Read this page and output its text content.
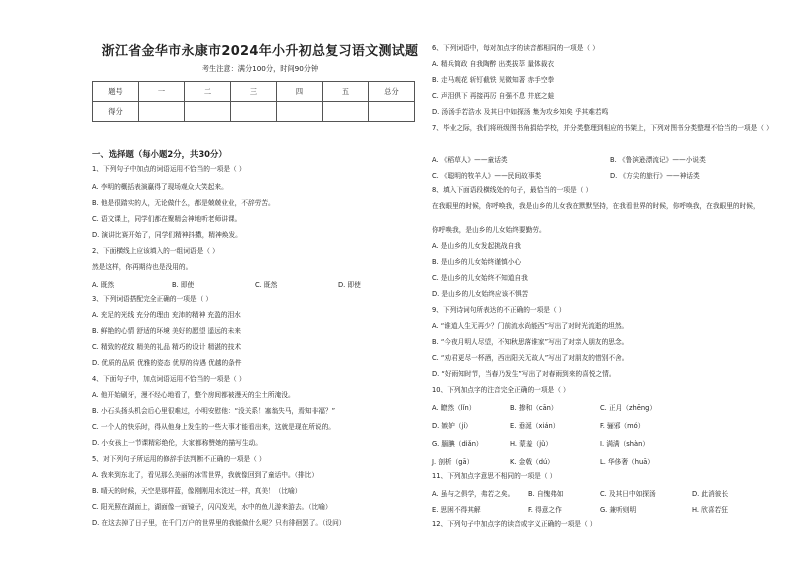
浙江省金华市永康市2024年小升初总复习语文测试题
考生注意：满分100分，时间90分钟
题号	一	二	三	四	五	总分
得分						
一、选择题（每小题2分，共30分）
1、下列句子中加点的词语运用不恰当的一项是（ ）
A. 李明的概括表演赢得了现场观众大笑起来。
B. 他是很踏实的人，无论做什么，都是兢兢业业，不辞劳苦。
C. 语文课上，同学们都在聚精会神地听老师讲课。
D. 演讲比赛开始了，同学们精神抖擞，精神焕发。
2、下面横线上应该填入的一组词语是（ ）
然是这样，你再期待也是没用的。
A. 既然	B. 即使	C. 既然	D. 即使
3、下列词语搭配完全正确的一项是（ ）
A. 充足的光线 充分的理由 充沛的精神 充盈的泪水
B. 鲜艳的心情 舒适的环境 美好的愿望 遥远的未来
C. 精致的花纹 精美的礼品 精巧的设计 精湛的技术
D. 优质的品质 优雅的姿态 优厚的待遇 优越的条件
4、下面句子中，加点词语运用不恰当的一项是（ ）
A. 他开始刷牙，漫不经心地看了，整个房间都被漫天的尘土所淹没。
B. 小石头扬头机会后心里很难过，小明安慰他：“没关系！塞翁失马，焉知非福？”
C. 一个人的快乐时，得从他身上发生的一些大事才能看出来，这就是现在所说的。
D. 小女孩上一节课精彩绝伦，大家都称赞她的描写生动。
5、对下列句子所运用的修辞手法判断不正确的一项是（ ）
A. 我来到东北了，看见那么美丽的冰雪世界，我就像回到了童话中。（排比）
B. 晴天的时候，天空是那样蓝，像刚刚用水洗过一样，真美！（比喻）
C. 阳光照在湖面上，湖面像一面镜子，闪闪发光，水中的鱼儿游来游去。（比喻）
D. 在这去掉了日子里，在千门万户的世界里的我能做什么呢？只有徘徊罢了。（设问）
6、下列词语中，每对加点字的读音都相同的一项是（ ）
A. 精兵简政 自我陶醉 出类拔萃 量体裁衣
B. 走马观花 斩钉截铁 见微知著 赤手空拳
C. 声泪俱下 再接再厉 自强不息 井底之蛙
D. 汤汤手若浩水 及其日中如探汤 集为攻乡知矣 乎其难若鸣
7、毕业之际，我们将班级图书角捐给学校，并分类整理到相应的书架上，下列对图书分类整理不恰当的一项是（ ）
A. 《稻草人》——童话类	B. 《鲁滨逊漂流记》——小说类
C. 《聪明的牧羊人》——民间故事类	D. 《方尖的旅行》——神话类
8、填入下面语段横线处的句子，最恰当的一项是（ ）
在我眼里的时候，你呼唤我，我是山乡的儿女我在默默坚持，在我看世界的时候，你呼唤我，在我眼里的时候，
你呼唤我，是山乡的儿女始终要勤劳。
A. 是山乡的儿女发起挑战自我
B. 是山乡的儿女始终谨慎小心
C. 是山乡的儿女始终不知道自我
D. 是山乡的儿女始终应该不惧苦
9、下列诗词句所表达的不正确的一项是（ ）
A. “谁道人生无再少？门前流水尚能西”写出了对时光流逝的坦然。
B. “今夜月明人尽望，不知秋思落谁家”写出了对亲人朋友的思念。
C. “劝君更尽一杯酒，西出阳关无故人”写出了对朋友的惜别不舍。
D. “好雨知时节，当春乃发生”写出了对春雨到来的喜悦之情。
10、下列加点字的注音完全正确的一项是（ ）
A. 瞭然（lǐn）	B. 掺和（cān）	C. 正月（zhēng）
D. 嫉妒（jí）	E. 垂涎（xián）	F. 骊邪（mó）
G. 腼腆（diǎn）	H. 蒙羞（jǔ）	I. 满满（shàn）
J. 剖析（gā）	K. 金戟（dú）	L. 华侈奢（huā）
11、下列加点字意思不相同的一项是（ ）
A. 虽与之俱学，弗若之矣。 B. 自愧弗如	C. 及其日中如探汤	D. 此消彼长
E. 思困不得其解	F. 得意之作	G. 兼听则明	H. 欣喜若狂
12、下列句子中加点字的读音或字义正确的一项是（ ）
